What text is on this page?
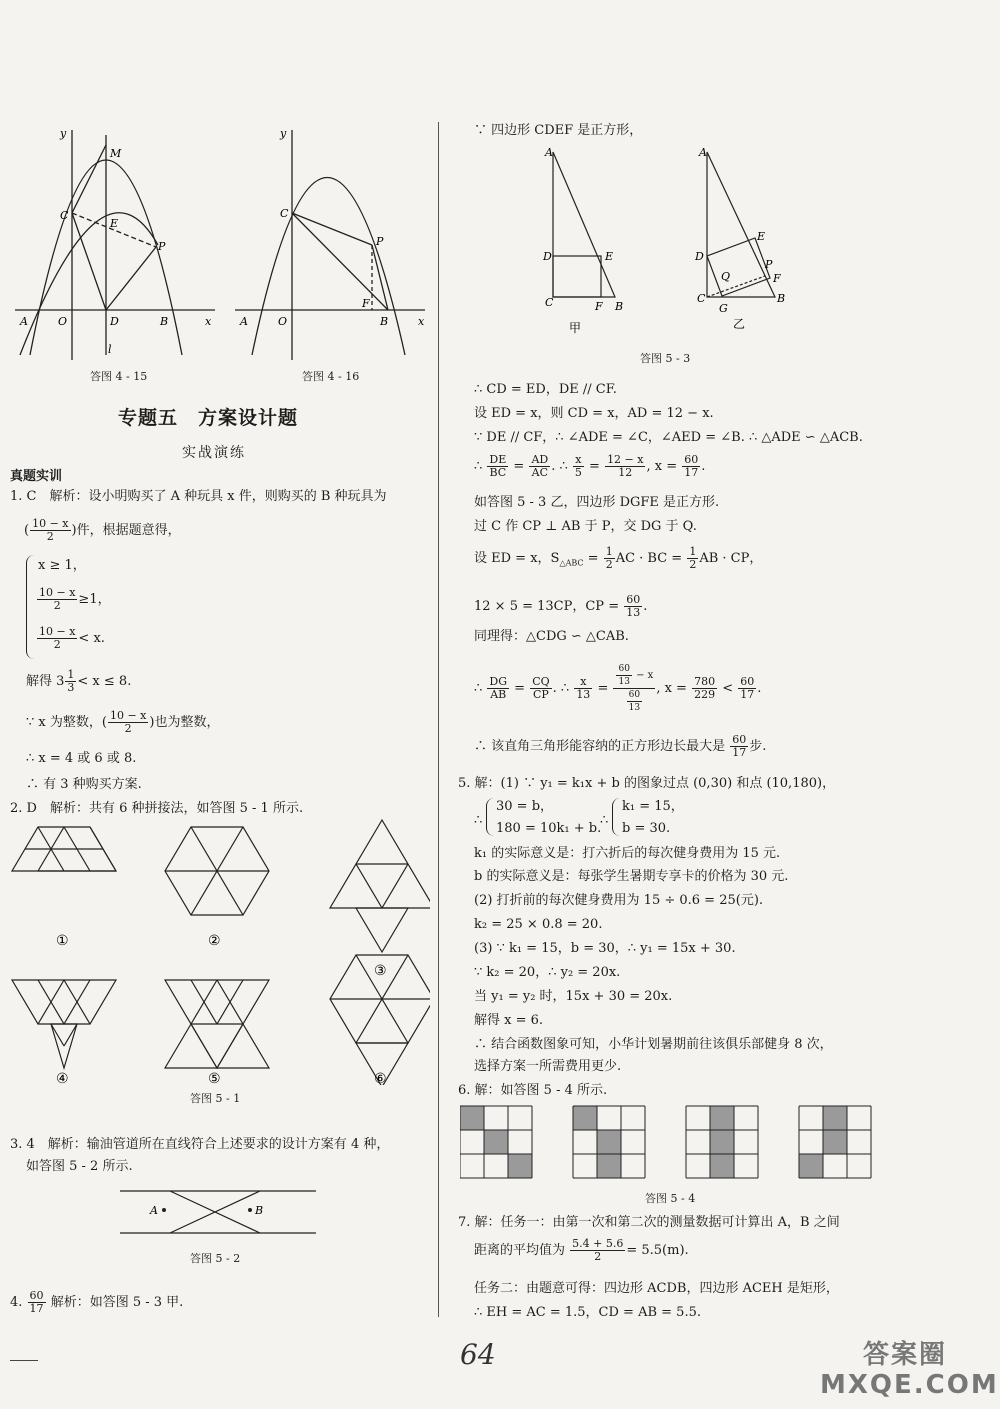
y
M
C
E
P
A	O	D	B	x
l
答图 4 - 15
y
C
P
A	O
F
B	x
答图 4 - 16
专题五　方案设计题
实战演练
真题实训
1. C　解析：设小明购买了 A 种玩具 x 件，则购买的 B 种玩具为
( $\frac{10 - x}{2}$ )件，根据题意得，
x ≥ 1，
$\frac{10 - x}{2} \ge 1$，
$\frac{10 - x}{2} < x$.
解得 $3 \frac{1}{3} < x \le 8$.
∵ x 为整数，( $\frac{10 - x}{2}$ )也为整数，
∴ x = 4 或 6 或 8.
∴ 有 3 种购买方案.
2. D　解析：共有 6 种拼接法，如答图 5 - 1 所示.
①	②
③
④	⑤	⑥
答图 5 - 1
3. 4　解析：输油管道所在直线符合上述要求的设计方案有 4 种，
如答图 5 - 2 所示.
A	B
答图 5 - 2
4. $\frac{60}{17}$ 解析：如答图 5 - 3 甲.
64
∵ 四边形 CDEF 是正方形，
A
D	E
C	F B
甲
A
E
D
Q
P
F
C
G
B
乙
答图 5 - 3
∴ CD = ED，DE // CF.
设 ED = x，则 CD = x，AD = 12 − x.
∵ DE // CF，∴ ∠ADE = ∠C，∠AED = ∠B. ∴ △ADE ∽ △ACB.
∴ $\frac{DE}{BC} = \frac{AD}{AC}$ . ∴ $\frac{x}{5} = \frac{12 - x}{12}$ , $x = \frac{60}{17}$ .
如答图 5 - 3 乙，四边形 DGFE 是正方形.
过 C 作 CP ⊥ AB 于 P，交 DG 于 Q.
设 ED = x，$S_{\triangle ABC} = \frac{1}{2}$ AC · BC = $\frac{1}{2}$ AB · CP，
12 × 5 = 13CP，CP = $\frac{60}{13}$ .
同理得：△CDG ∽ △CAB.
∴ $\frac{DG}{AB} = \frac{CQ}{CP}$ . ∴ $\frac{x}{13} = \frac{\frac{60}{13} - x}{\frac{60}{13}}$ , $x = \frac{780}{229} < \frac{60}{17}$ .
∴ 该直角三角形能容纳的正方形边长最大是 $\frac{60}{17}$ 步.
5. 解：(1) ∵ y₁ = k₁x + b 的图象过点 (0,30) 和点 (10,180)，
∴
30 = b，
180 = 10k₁ + b.
∴
k₁ = 15，
b = 30.
k₁ 的实际意义是：打六折后的每次健身费用为 15 元.
b 的实际意义是：每张学生暑期专享卡的价格为 30 元.
(2) 打折前的每次健身费用为 15 ÷ 0.6 = 25(元).
k₂ = 25 × 0.8 = 20.
(3) ∵ k₁ = 15，b = 30，∴ y₁ = 15x + 30.
∵ k₂ = 20，∴ y₂ = 20x.
当 y₁ = y₂ 时，15x + 30 = 20x.
解得 x = 6.
∴ 结合函数图象可知，小华计划暑期前往该俱乐部健身 8 次，
选择方案一所需费用更少.
6. 解：如答图 5 - 4 所示.
答图 5 - 4
7. 解：任务一：由第一次和第二次的测量数据可计算出 A，B 之间
距离的平均值为 $\frac{5.4 + 5.6}{2} = 5.5(m)$.
任务二：由题意可得：四边形 ACDB，四边形 ACEH 是矩形，
∴ EH = AC = 1.5，CD = AB = 5.5.
答案圈 MXQE.COM
